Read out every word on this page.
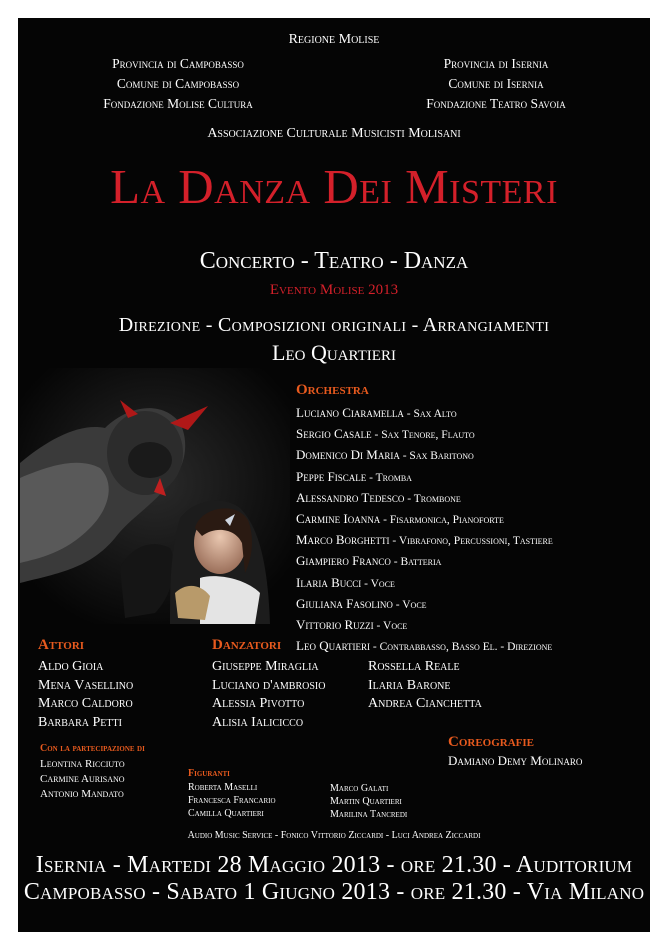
Regione Molise
Provincia di Campobasso
Comune di Campobasso
Fondazione Molise Cultura
Provincia di Isernia
Comune di Isernia
Fondazione Teatro Savoia
Associazione Culturale Musicisti Molisani
La Danza Dei Misteri
Concerto - Teatro - Danza
Evento Molise 2013
Direzione - Composizioni originali - Arrangiamenti
Leo Quartieri
Orchestra
Luciano Ciaramella - Sax Alto
Sergio Casale - Sax Tenore, Flauto
Domenico Di Maria - Sax Baritono
Peppe Fiscale - Tromba
Alessandro Tedesco - Trombone
Carmine Ioanna - Fisarmonica, Pianoforte
Marco Borghetti - Vibrafono, Percussioni, Tastiere
Giampiero Franco - Batteria
Ilaria Bucci - Voce
Giuliana Fasolino - Voce
Vittorio Ruzzi - Voce
Leo Quartieri - Contrabbasso, Basso El. - Direzione
Attori
Aldo Gioia
Mena Vasellino
Marco Caldoro
Barbara Petti
Danzatori
Giuseppe Miraglia
Luciano d'ambrosio
Alessia Pivotto
Alisia Ialicicco
Rossella Reale
Ilaria Barone
Andrea Cianchetta
Con la partecipazione di
Leontina Ricciuto
Carmine Aurisano
Antonio Mandato
Coreografie
Damiano Demy Molinaro
Figuranti
Roberta Maselli
Francesca Francario
Camilla Quartieri
Marco Galati
Martin Quartieri
Marilina Tancredi
Audio Music Service - Fonico Vittorio Ziccardi - Luci Andrea Ziccardi
Isernia - Martedi 28 Maggio 2013 - ore 21.30 - Auditorium
Campobasso - Sabato 1 Giugno 2013 - ore 21.30 - Via Milano
